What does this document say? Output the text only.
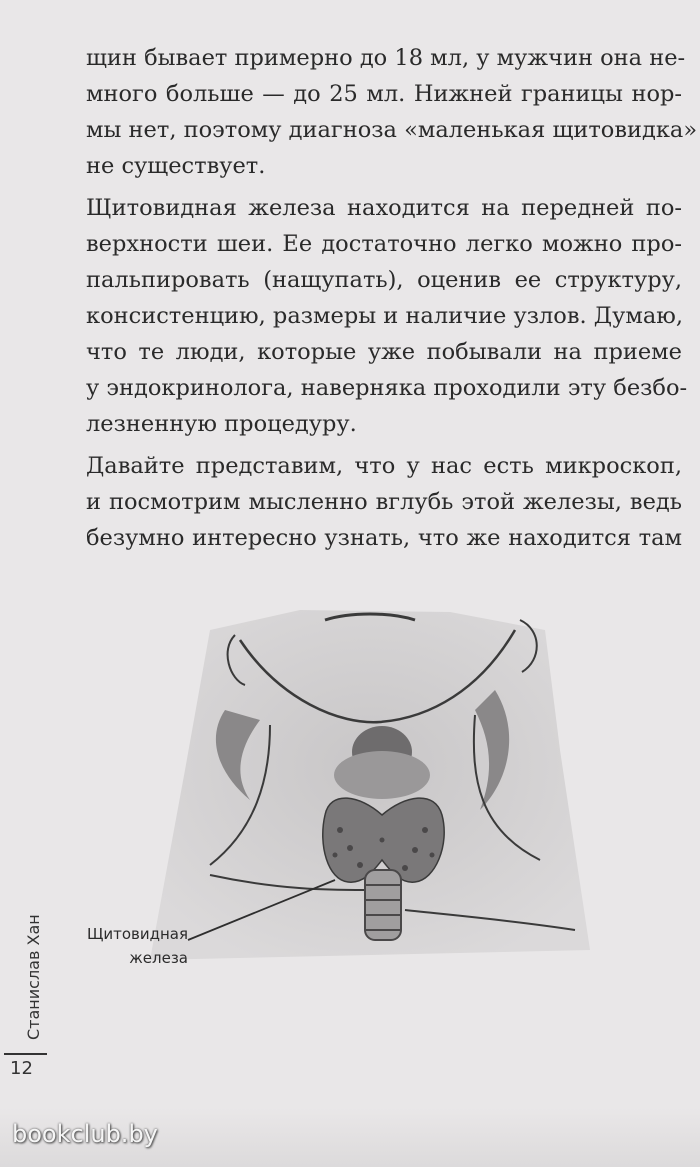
щин бывает примерно до 18 мл, у мужчин она не-
много больше — до 25 мл. Нижней границы нор-
мы нет, поэтому диагноза «маленькая щитовидка»
не существует.
Щитовидная железа находится на передней по-
верхности шеи. Ее достаточно легко можно про-
пальпировать (нащупать), оценив ее структуру,
консистенцию, размеры и наличие узлов. Думаю,
что те люди, которые уже побывали на приеме
у эндокринолога, наверняка проходили эту безбо-
лезненную процедуру.
Давайте представим, что у нас есть микроскоп,
и посмотрим мысленно вглубь этой железы, ведь
безумно интересно узнать, что же находится там
Щитовидная
железа
Станислав Хан
12
bookclub.by
